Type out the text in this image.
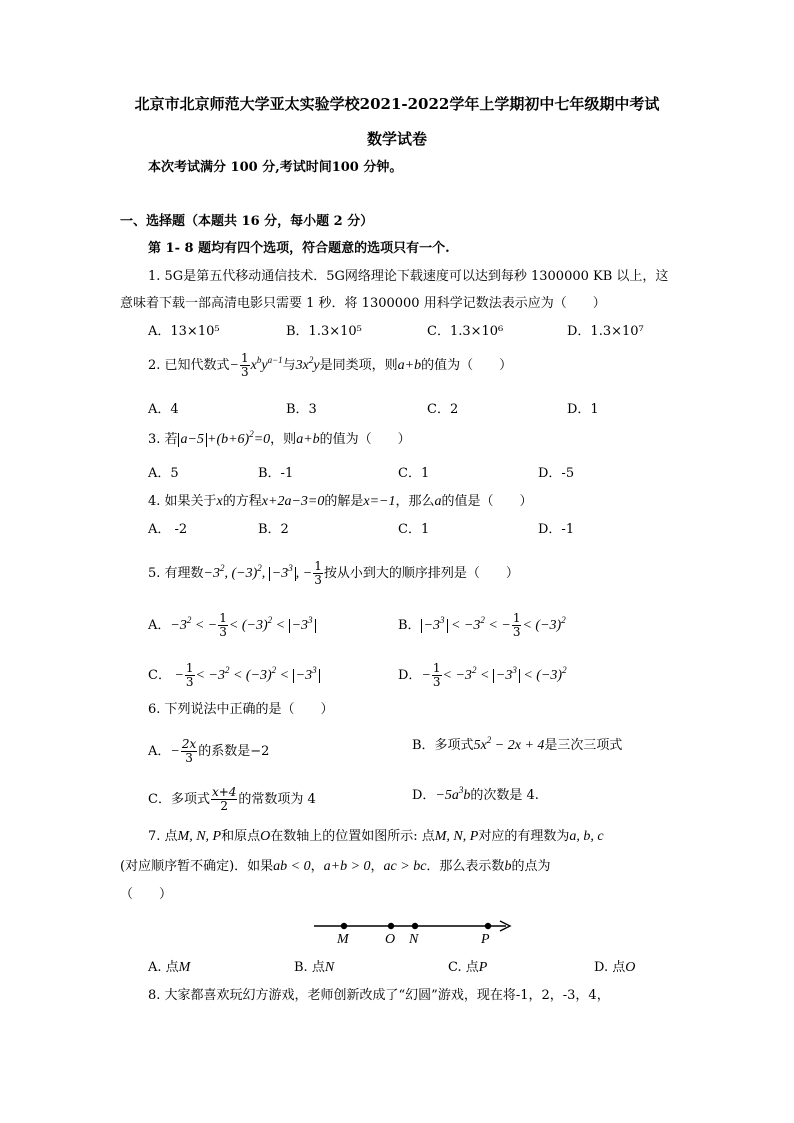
北京市北京师范大学亚太实验学校2021-2022学年上学期初中七年级期中考试
数学试卷
本次考试满分 100 分,考试时间100 分钟。
一、选择题（本题共 16 分，每小题 2 分）
第 1- 8 题均有四个选项，符合题意的选项只有一个.
1. 5G是第五代移动通信技术．5G网络理论下载速度可以达到每秒 1300000 KB 以上，这
意味着下载一部高清电影只需要 1 秒．将 1300000 用科学记数法表示应为（　　）
A．13×10⁵	B．1.3×10⁵	C．1.3×10⁶	D．1.3×10⁷
2. 已知代数式− $\frac{1}{3} x^by^{a-1}$与$3x^2y$是同类项，则a+b的值为（　　）
A．4	B．3	C．2	D．1
3. 若 $a-5 +(b+6)^2=0$，则a+b的值为（　　）
A．5	B．-1	C．1	D．-5
4. 如果关于x的方程x+2a−3=0的解是x=−1，那么a的值是（　　）
A． -2	B．2	C．1	D．-1
5. 有理数$-3^2$, $(-3)^2$, $-3^3$ , − $\frac{1}{3}$ 按从小到大的顺序排列是（　　）
A．$-3^2$ < − $\frac{1}{3} < (-3)^2 < -3^3$	B． $-3^3 < -3^2$ < − $\frac{1}{3} < (-3)^2$
C． − $\frac{1}{3} < -3^2 < (-3)^2 < -3^3$	D．− $\frac{1}{3} < -3^2 < -3^3 < (-3)^2$
6. 下列说法中正确的是（　　）
A．− $\frac{2x}{3}$ 的系数是−2	B．多项式$5x^2 - 2x + 4$是三次三项式
C．多项式 $\frac{x+4}{2}$ 的常数项为 4	D．$-5a^3b$的次数是 4.
7. 点M, N, P和原点O在数轴上的位置如图所示: 点M, N, P对应的有理数为a, b, c
(对应顺序暂不确定)．如果ab < 0，a+b > 0，ac > bc．那么表示数b的点为
（　　）
M	O N	P
A. 点M	B. 点N	C. 点P	D. 点O
8. 大家都喜欢玩幻方游戏，老师创新改成了“幻圆”游戏，现在将-1，2，-3，4，
